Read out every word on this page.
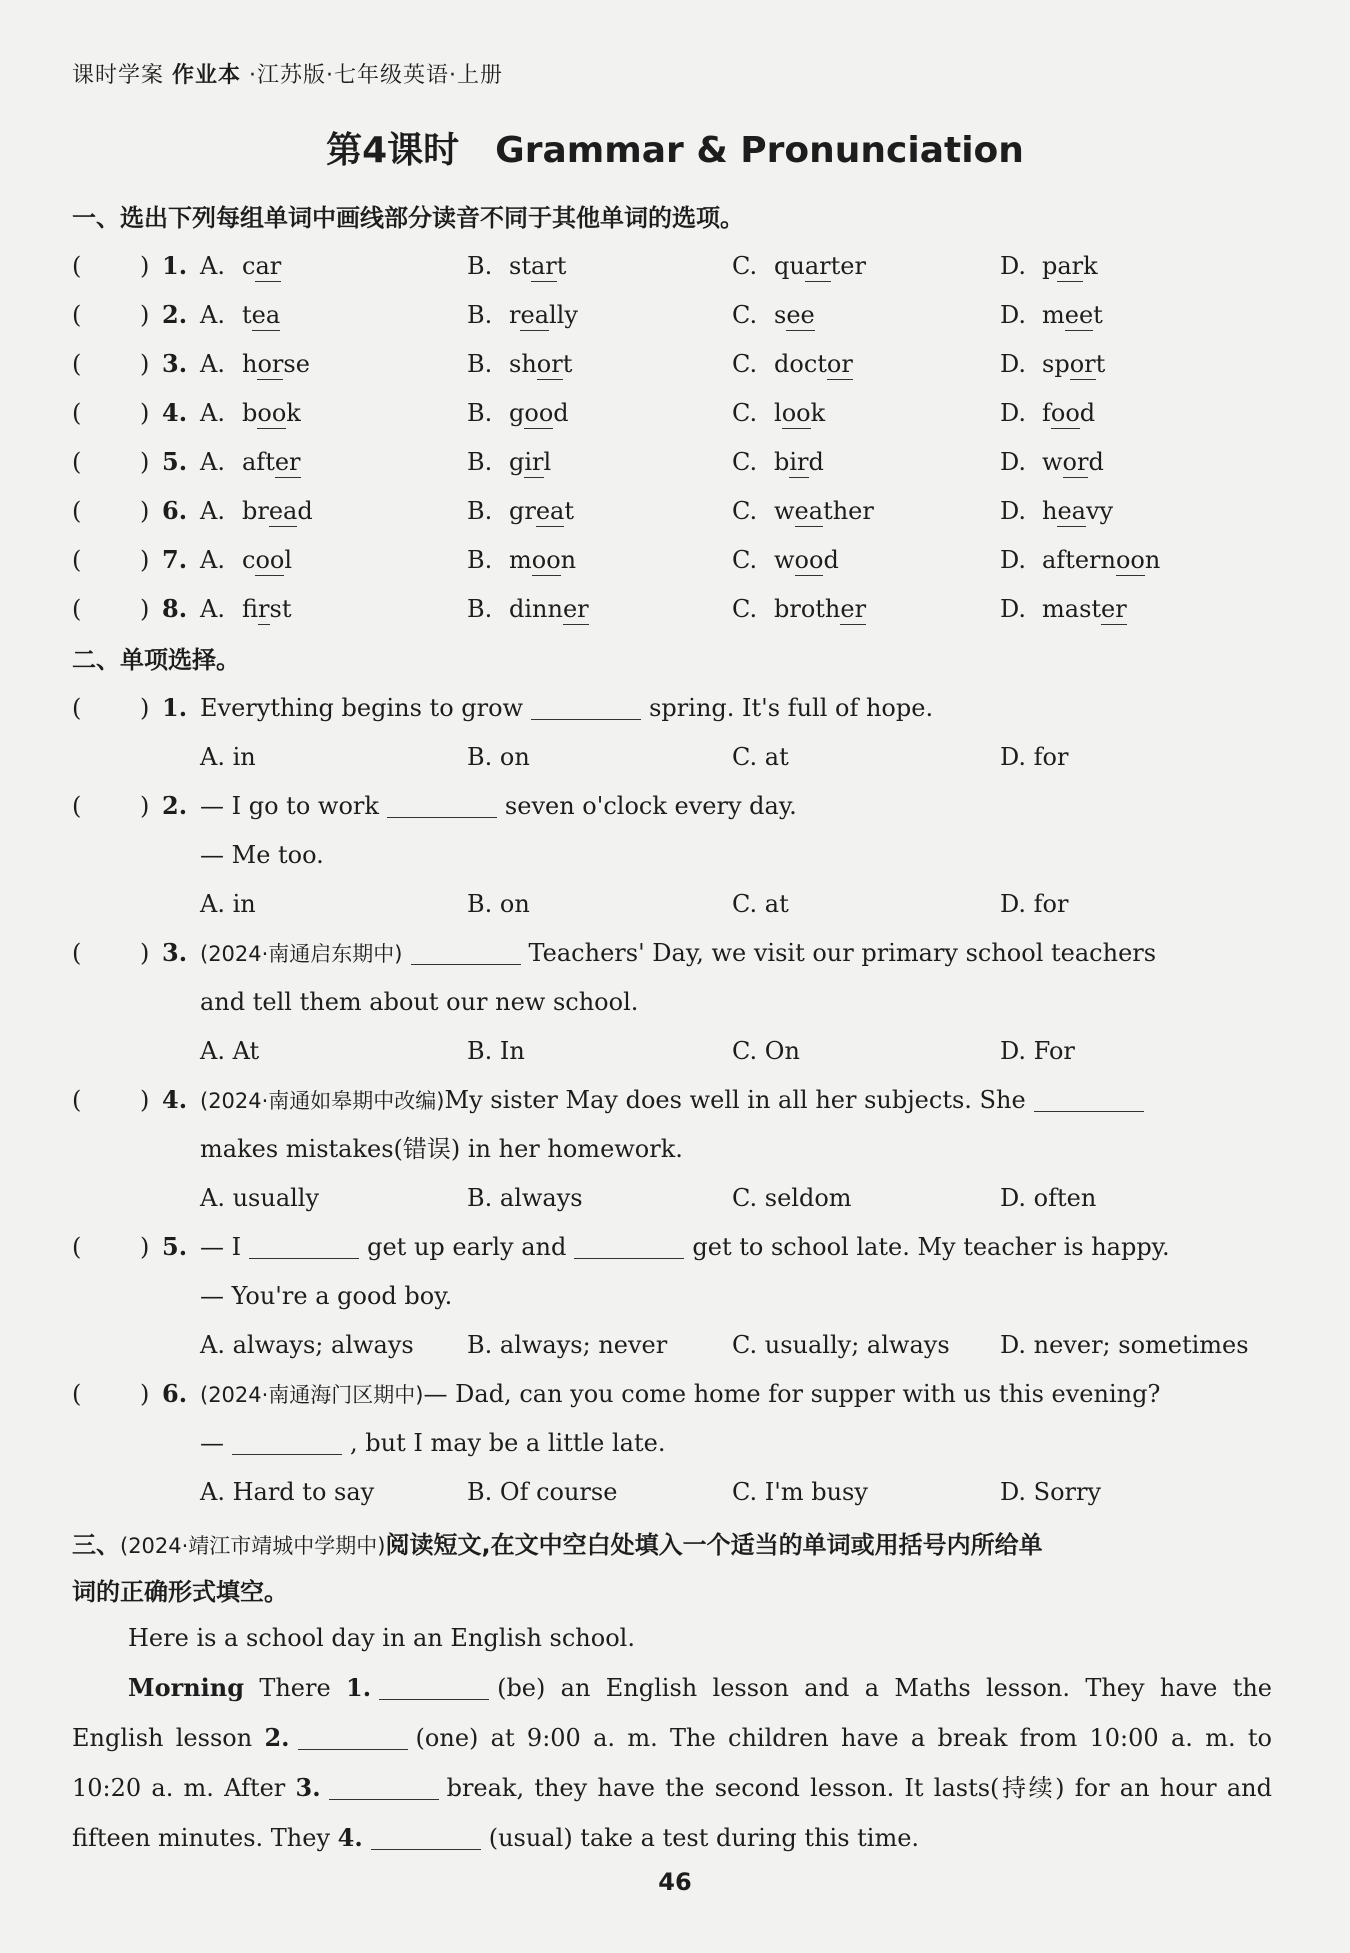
课时学案 作业本 ·江苏版·七年级英语·上册
第4课时 Grammar & Pronunciation
一、选出下列每组单词中画线部分读音不同于其他单词的选项。
( ) 1. A. car	B. start	C. quarter	D. park
( ) 2. A. tea	B. really	C. see	D. meet
( ) 3. A. horse	B. short	C. doctor	D. sport
( ) 4. A. book	B. good	C. look	D. food
( ) 5. A. after	B. girl	C. bird	D. word
( ) 6. A. bread	B. great	C. weather	D. heavy
( ) 7. A. cool	B. moon	C. wood	D. afternoon
( ) 8. A. first	B. dinner	C. brother	D. master
二、单项选择。
( ) 1. Everything begins to grow	spring. It's full of hope.
A. in	B. on	C. at	D. for
( ) 2. — I go to work	seven o'clock every day.
— Me too.
A. in	B. on	C. at	D. for
( ) 3. (2024·南通启东期中)	Teachers' Day, we visit our primary school teachers
and tell them about our new school.
A. At	B. In	C. On	D. For
( ) 4. (2024·南通如皋期中改编)My sister May does well in all her subjects. She
makes mistakes(错误) in her homework.
A. usually	B. always	C. seldom	D. often
( ) 5. — I	get up early and	get to school late. My teacher is happy.
— You're a good boy.
A. always; always B. always; never	C. usually; always D. never; sometimes
( ) 6. (2024·南通海门区期中)— Dad, can you come home for supper with us this evening?
—	, but I may be a little late.
A. Hard to say	B. Of course	C. I'm busy	D. Sorry
三、(2024·靖江市靖城中学期中)阅读短文,在文中空白处填入一个适当的单词或用括号内所给单
词的正确形式填空。
Here is a school day in an English school.
Morning There 1.	(be) an English lesson and a Maths lesson. They have the English lesson 2.	(one) at 9:00 a. m. The children have a break from 10:00 a. m. to 10:20 a. m. After 3.	break, they have the second lesson. It lasts(持续) for an hour and fifteen minutes. They 4.	(usual) take a test during this time.
46
